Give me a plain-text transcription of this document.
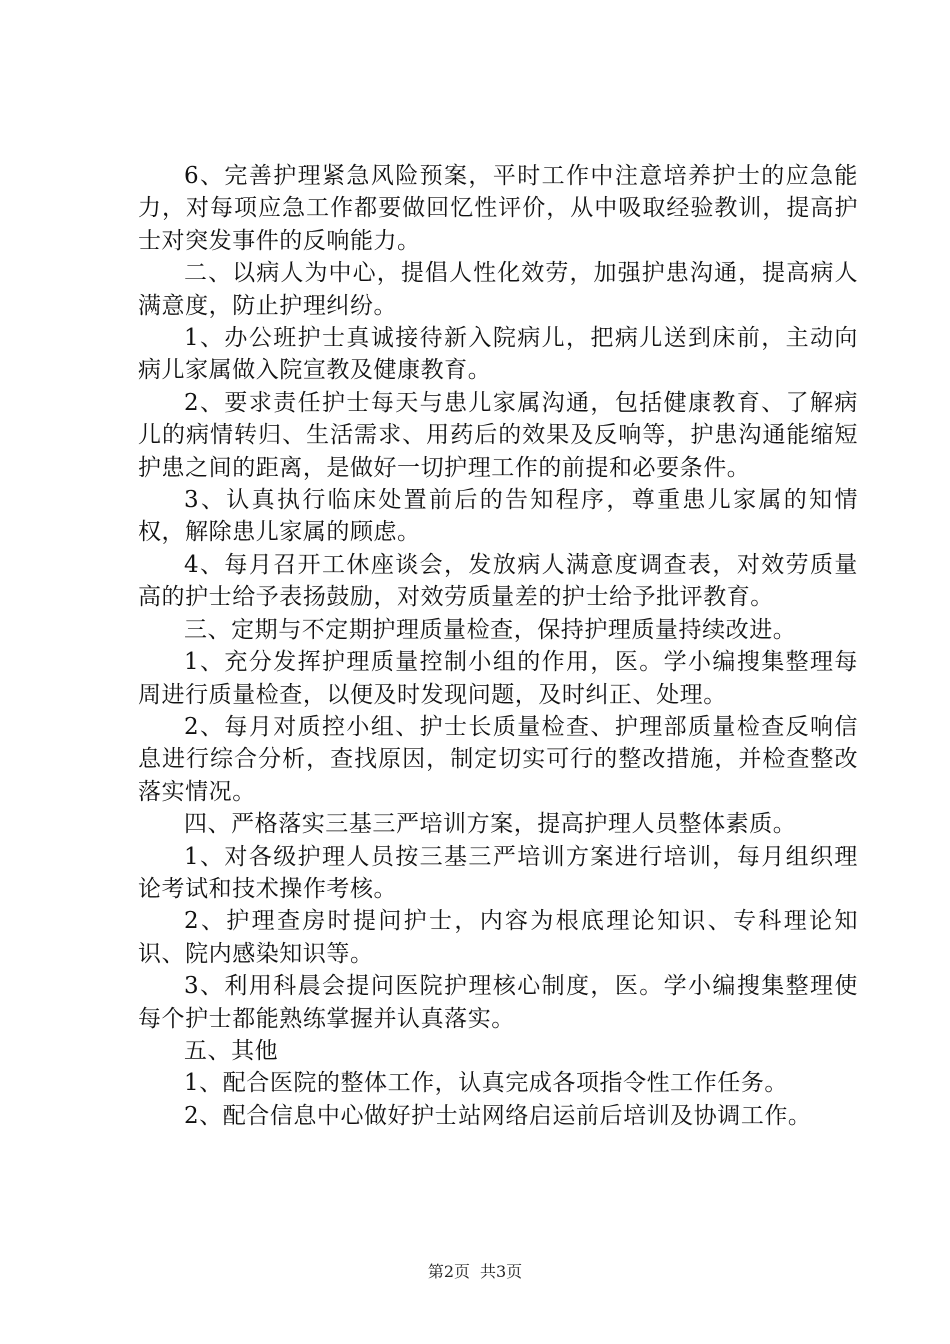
6、完善护理紧急风险预案，平时工作中注意培养护士的应急能力，对每项应急工作都要做回忆性评价，从中吸取经验教训，提高护士对突发事件的反响能力。

二、以病人为中心，提倡人性化效劳，加强护患沟通，提高病人满意度，防止护理纠纷。

1、办公班护士真诚接待新入院病儿，把病儿送到床前，主动向病儿家属做入院宣教及健康教育。

2、要求责任护士每天与患儿家属沟通，包括健康教育、了解病儿的病情转归、生活需求、用药后的效果及反响等，护患沟通能缩短护患之间的距离，是做好一切护理工作的前提和必要条件。

3、认真执行临床处置前后的告知程序，尊重患儿家属的知情权，解除患儿家属的顾虑。

4、每月召开工休座谈会，发放病人满意度调查表，对效劳质量高的护士给予表扬鼓励，对效劳质量差的护士给予批评教育。

三、定期与不定期护理质量检查，保持护理质量持续改进。

1、充分发挥护理质量控制小组的作用，医。学小编搜集整理每周进行质量检查，以便及时发现问题，及时纠正、处理。

2、每月对质控小组、护士长质量检查、护理部质量检查反响信息进行综合分析，查找原因，制定切实可行的整改措施，并检查整改落实情况。

四、严格落实三基三严培训方案，提高护理人员整体素质。

1、对各级护理人员按三基三严培训方案进行培训，每月组织理论考试和技术操作考核。

2、护理查房时提问护士，内容为根底理论知识、专科理论知识、院内感染知识等。

3、利用科晨会提问医院护理核心制度，医。学小编搜集整理使每个护士都能熟练掌握并认真落实。

五、其他

1、配合医院的整体工作，认真完成各项指令性工作任务。

2、配合信息中心做好护士站网络启运前后培训及协调工作。

第2页 共3页
